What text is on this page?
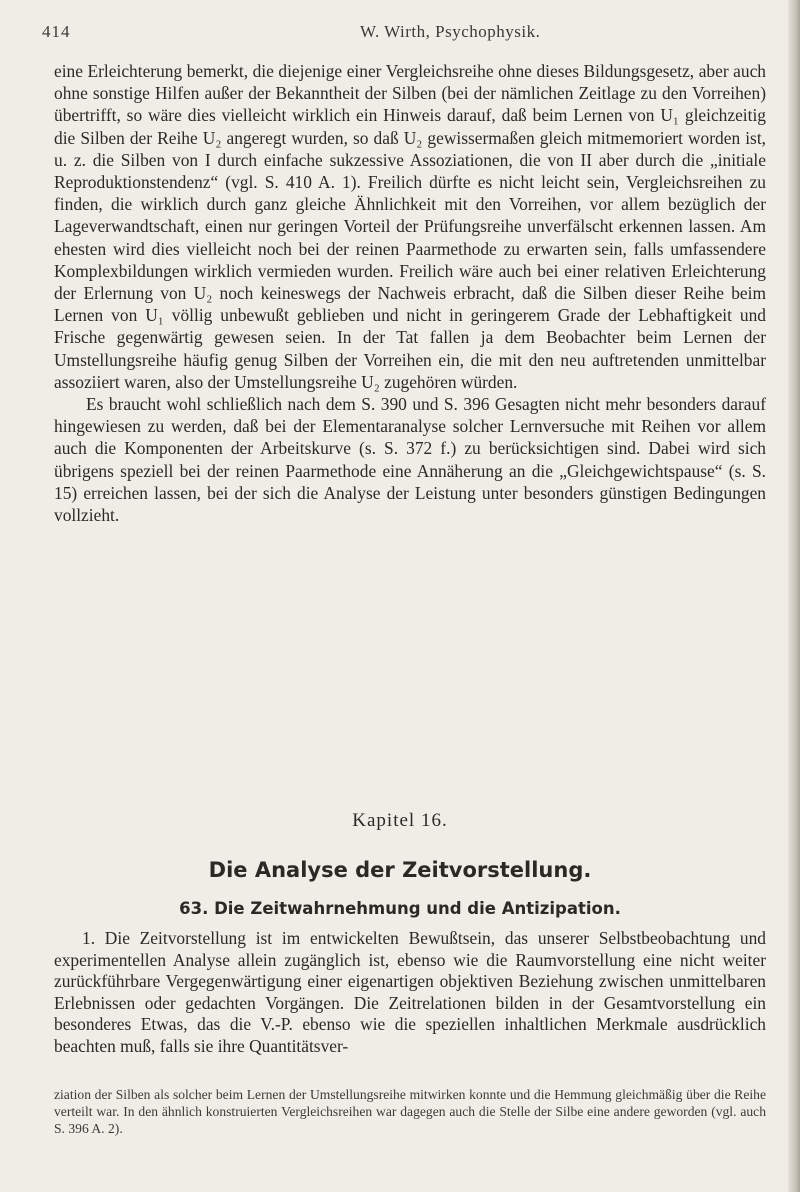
414	W. Wirth, Psychophysik.

eine Erleichterung bemerkt, die diejenige einer Vergleichsreihe ohne dieses Bildungsgesetz, aber auch ohne sonstige Hilfen außer der Bekanntheit der Silben (bei der nämlichen Zeitlage zu den Vorreihen) übertrifft, so wäre dies vielleicht wirklich ein Hinweis darauf, daß beim Lernen von U₁ gleichzeitig die Silben der Reihe U₂ angeregt wurden, so daß U₂ gewissermaßen gleich mitmemoriert worden ist, u. z. die Silben von I durch einfache sukzessive Assoziationen, die von II aber durch die „initiale Reproduktionstendenz“ (vgl. S. 410 A. 1). Freilich dürfte es nicht leicht sein, Vergleichsreihen zu finden, die wirklich durch ganz gleiche Ähnlichkeit mit den Vorreihen, vor allem bezüglich der Lageverwandtschaft, einen nur geringen Vorteil der Prüfungsreihe unverfälscht erkennen lassen. Am ehesten wird dies vielleicht noch bei der reinen Paarmethode zu erwarten sein, falls umfassendere Komplexbildungen wirklich vermieden wurden. Freilich wäre auch bei einer relativen Erleichterung der Erlernung von U₂ noch keineswegs der Nachweis erbracht, daß die Silben dieser Reihe beim Lernen von U₁ völlig unbewußt geblieben und nicht in geringerem Grade der Lebhaftigkeit und Frische gegenwärtig gewesen seien. In der Tat fallen ja dem Beobachter beim Lernen der Umstellungsreihe häufig genug Silben der Vorreihen ein, die mit den neu auftretenden unmittelbar assoziiert waren, also der Umstellungsreihe U₂ zugehören würden.

Es braucht wohl schließlich nach dem S. 390 und S. 396 Gesagten nicht mehr besonders darauf hingewiesen zu werden, daß bei der Elementaranalyse solcher Lernversuche mit Reihen vor allem auch die Komponenten der Arbeitskurve (s. S. 372 f.) zu berücksichtigen sind. Dabei wird sich übrigens speziell bei der reinen Paarmethode eine Annäherung an die „Gleichgewichtspause“ (s. S. 15) erreichen lassen, bei der sich die Analyse der Leistung unter besonders günstigen Bedingungen vollzieht.

Kapitel 16.
Die Analyse der Zeitvorstellung.
63. Die Zeitwahrnehmung und die Antizipation.

1. Die Zeitvorstellung ist im entwickelten Bewußtsein, das unserer Selbstbeobachtung und experimentellen Analyse allein zugänglich ist, ebenso wie die Raumvorstellung eine nicht weiter zurückführbare Vergegenwärtigung einer eigenartigen objektiven Beziehung zwischen unmittelbaren Erlebnissen oder gedachten Vorgängen. Die Zeitrelationen bilden in der Gesamtvorstellung ein besonderes Etwas, das die V.-P. ebenso wie die speziellen inhaltlichen Merkmale ausdrücklich beachten muß, falls sie ihre Quantitätsver-

ziation der Silben als solcher beim Lernen der Umstellungsreihe mitwirken konnte und die Hemmung gleichmäßig über die Reihe verteilt war. In den ähnlich konstruierten Vergleichsreihen war dagegen auch die Stelle der Silbe eine andere geworden (vgl. auch S. 396 A. 2).
